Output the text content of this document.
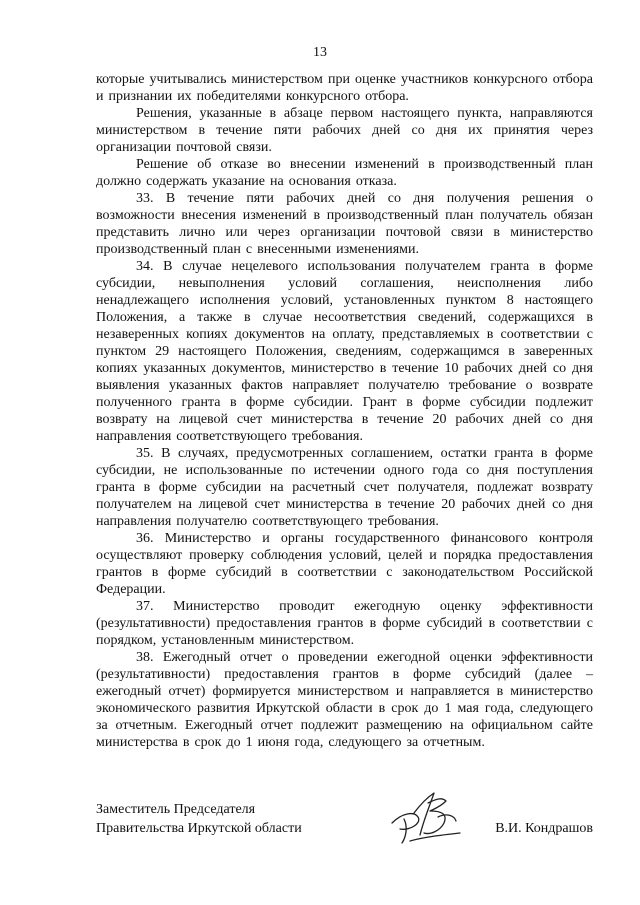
13

которые учитывались министерством при оценке участников конкурсного отбора и признании их победителями конкурсного отбора.

Решения, указанные в абзаце первом настоящего пункта, направляются министерством в течение пяти рабочих дней со дня их принятия через организации почтовой связи.

Решение об отказе во внесении изменений в производственный план должно содержать указание на основания отказа.

33. В течение пяти рабочих дней со дня получения решения о возможности внесения изменений в производственный план получатель обязан представить лично или через организации почтовой связи в министерство производственный план с внесенными изменениями.

34. В случае нецелевого использования получателем гранта в форме субсидии, невыполнения условий соглашения, неисполнения либо ненадлежащего исполнения условий, установленных пунктом 8 настоящего Положения, а также в случае несоответствия сведений, содержащихся в незаверенных копиях документов на оплату, представляемых в соответствии с пунктом 29 настоящего Положения, сведениям, содержащимся в заверенных копиях указанных документов, министерство в течение 10 рабочих дней со дня выявления указанных фактов направляет получателю требование о возврате полученного гранта в форме субсидии. Грант в форме субсидии подлежит возврату на лицевой счет министерства в течение 20 рабочих дней со дня направления соответствующего требования.

35. В случаях, предусмотренных соглашением, остатки гранта в форме субсидии, не использованные по истечении одного года со дня поступления гранта в форме субсидии на расчетный счет получателя, подлежат возврату получателем на лицевой счет министерства в течение 20 рабочих дней со дня направления получателю соответствующего требования.

36. Министерство и органы государственного финансового контроля осуществляют проверку соблюдения условий, целей и порядка предоставления грантов в форме субсидий в соответствии с законодательством Российской Федерации.

37. Министерство проводит ежегодную оценку эффективности (результативности) предоставления грантов в форме субсидий в соответствии с порядком, установленным министерством.

38. Ежегодный отчет о проведении ежегодной оценки эффективности (результативности) предоставления грантов в форме субсидий (далее – ежегодный отчет) формируется министерством и направляется в министерство экономического развития Иркутской области в срок до 1 мая года, следующего за отчетным. Ежегодный отчет подлежит размещению на официальном сайте министерства в срок до 1 июня года, следующего за отчетным.

Заместитель Председателя
Правительства Иркутской области	В.И. Кондрашов
